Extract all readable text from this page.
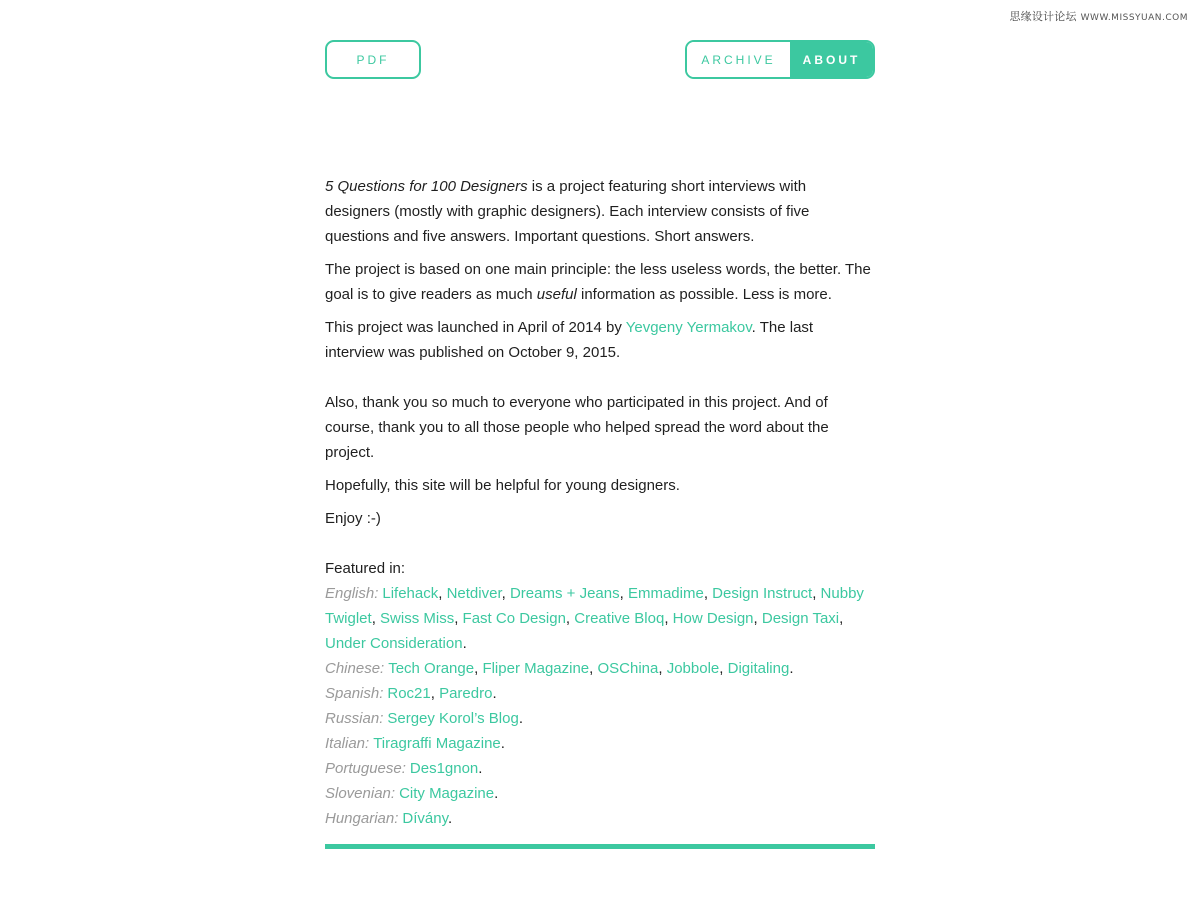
思缘设计论坛 WWW.MISSYUAN.COM
PDF	ARCHIVE	ABOUT

5 Questions for 100 Designers is a project featuring short interviews with designers (mostly with graphic designers). Each interview consists of five questions and five answers. Important questions. Short answers.

The project is based on one main principle: the less useless words, the better. The goal is to give readers as much useful information as possible. Less is more.

This project was launched in April of 2014 by Yevgeny Yermakov. The last interview was published on October 9, 2015.

Also, thank you so much to everyone who participated in this project. And of course, thank you to all those people who helped spread the word about the project.

Hopefully, this site will be helpful for young designers.

Enjoy :-)

Featured in:
English: Lifehack, Netdiver, Dreams + Jeans, Emmadime, Design Instruct, Nubby Twiglet, Swiss Miss, Fast Co Design, Creative Bloq, How Design, Design Taxi, Under Consideration.
Chinese: Tech Orange, Fliper Magazine, OSChina, Jobbole, Digitaling.
Spanish: Roc21, Paredro.
Russian: Sergey Korol’s Blog.
Italian: Tiragraffi Magazine.
Portuguese: Des1gnon.
Slovenian: City Magazine.
Hungarian: Dívány.
